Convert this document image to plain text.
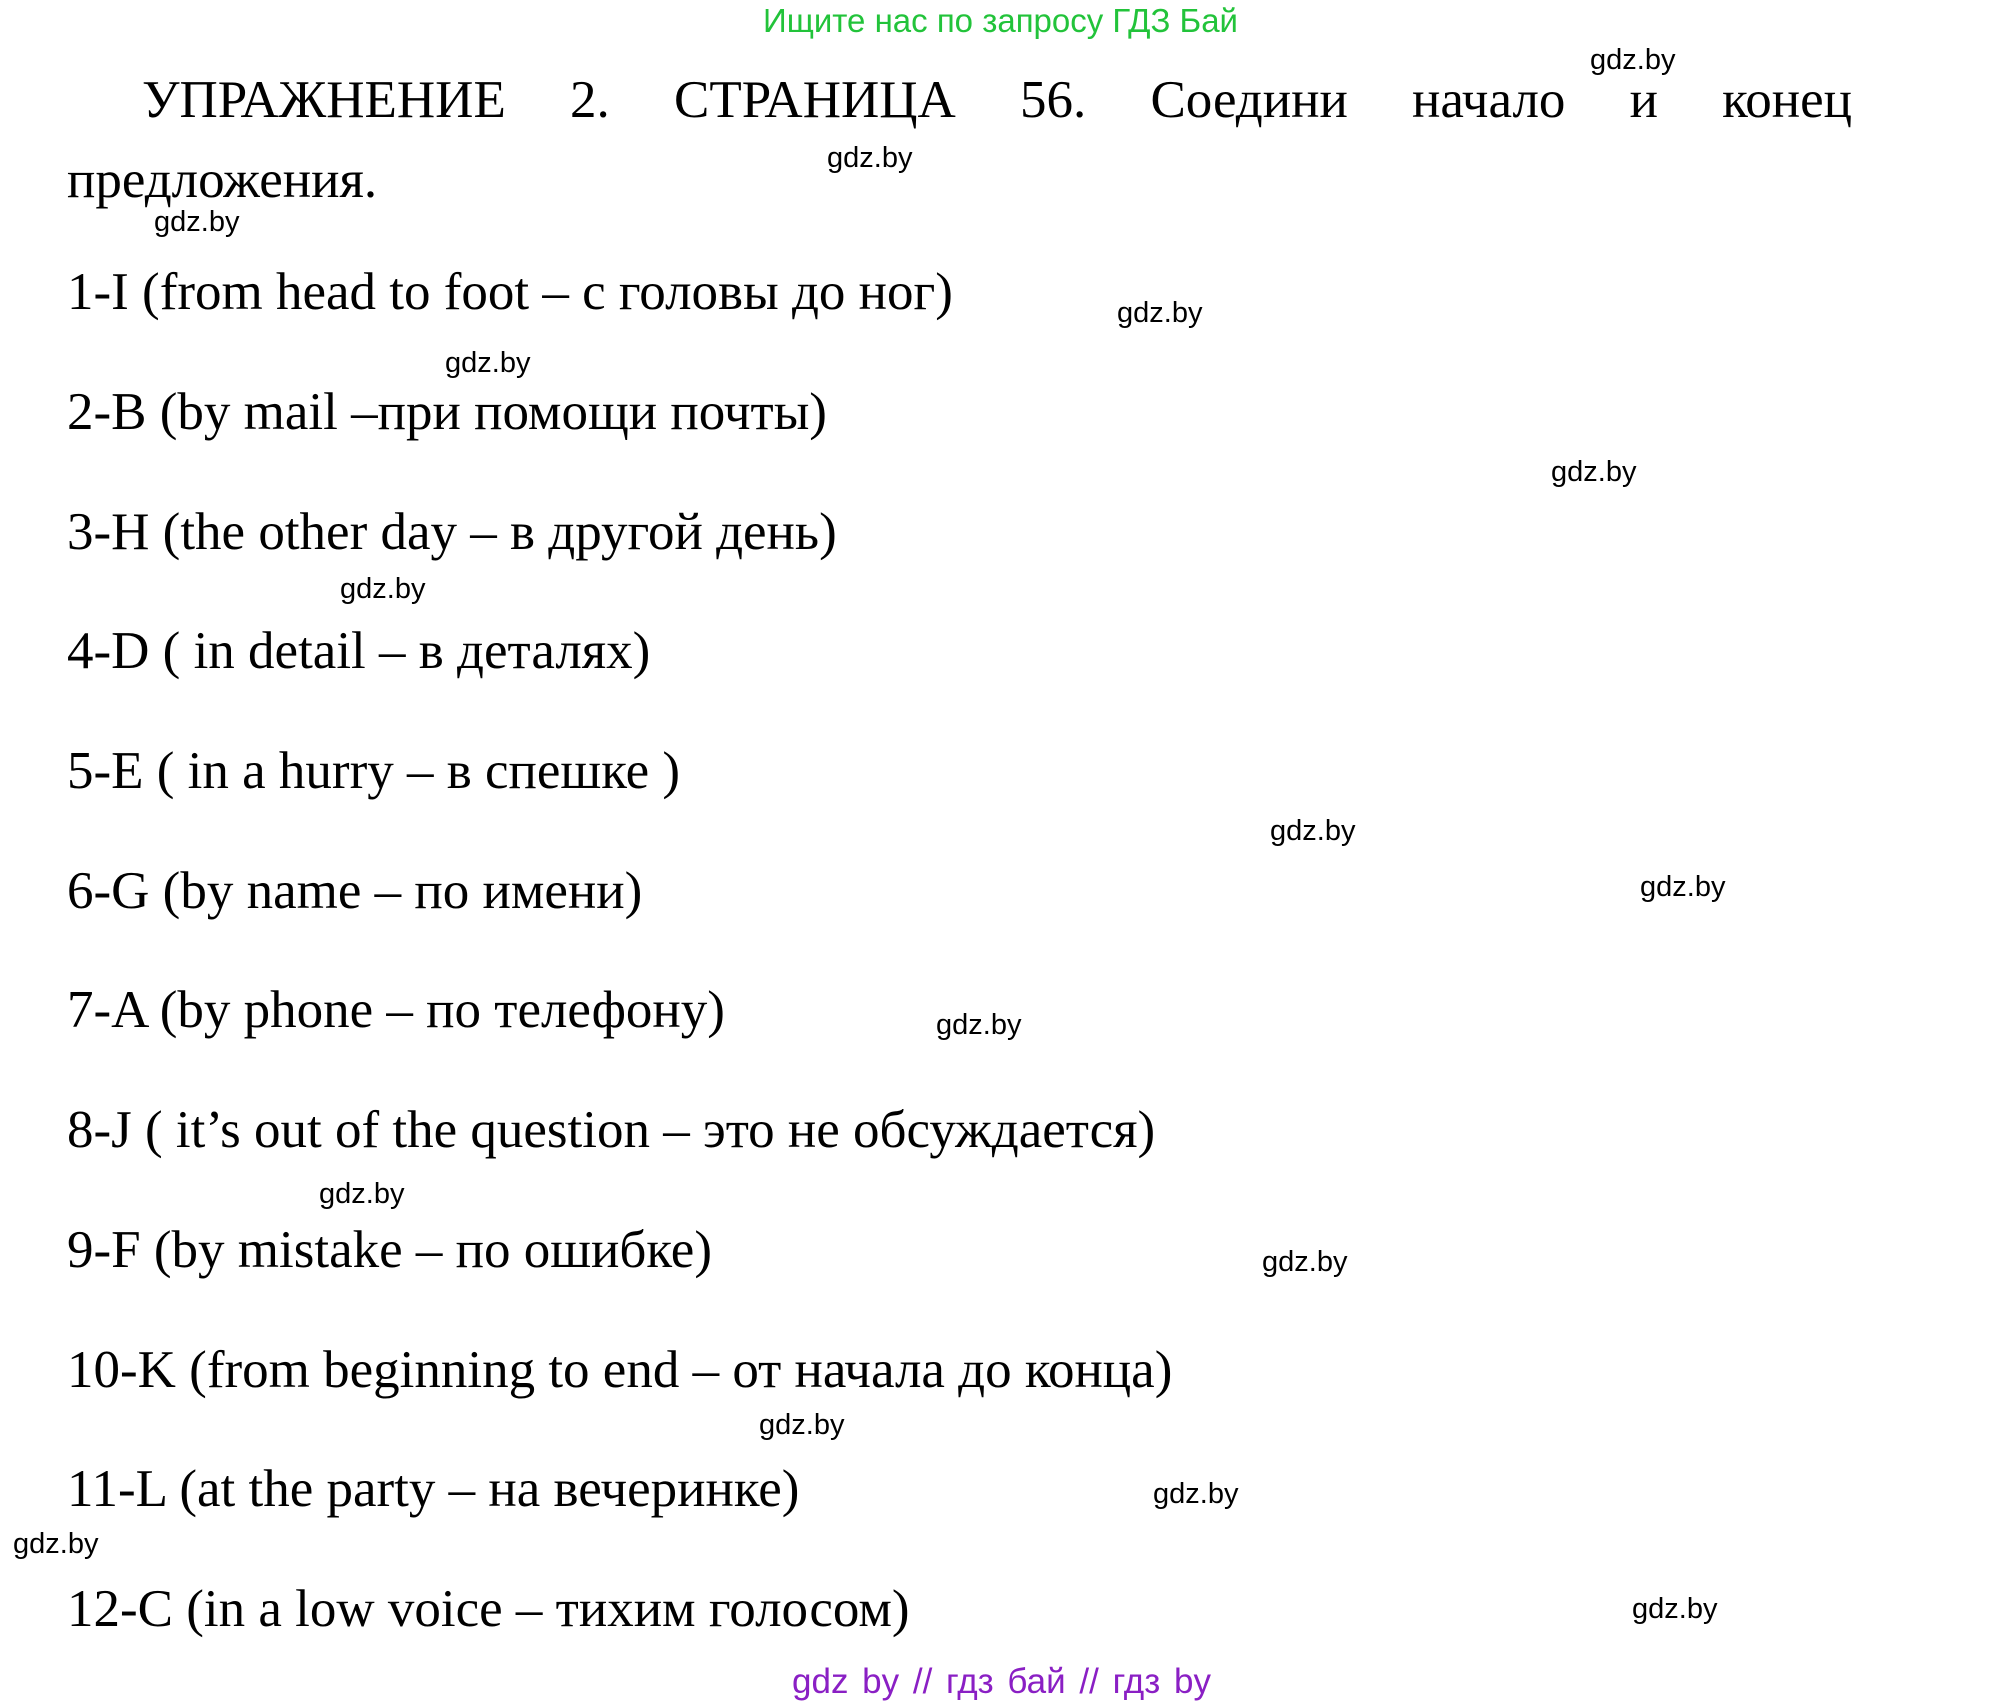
Ищите нас по запросу ГДЗ Бай
УПРАЖНЕНИЕ 2. СТРАНИЦА 56. Соедини начало и конец предложения.
1-I (from head to foot – с головы до ног)
2-B (by mail –при помощи почты)
3-H (the other day – в другой день)
4-D ( in detail – в деталях)
5-E ( in a hurry – в спешке )
6-G (by name – по имени)
7-A (by phone – по телефону)
8-J ( it’s out of the question – это не обсуждается)
9-F (by mistake – по ошибке)
10-K (from beginning to end – от начала до конца)
11-L (at the party – на вечеринке)
12-C (in a low voice – тихим голосом)
gdz.by
gdz.by
gdz.by
gdz.by
gdz.by
gdz.by
gdz.by
gdz.by
gdz.by
gdz.by
gdz.by
gdz.by
gdz.by
gdz.by
gdz.by
gdz.by
gdz by // гдз бай // гдз by
